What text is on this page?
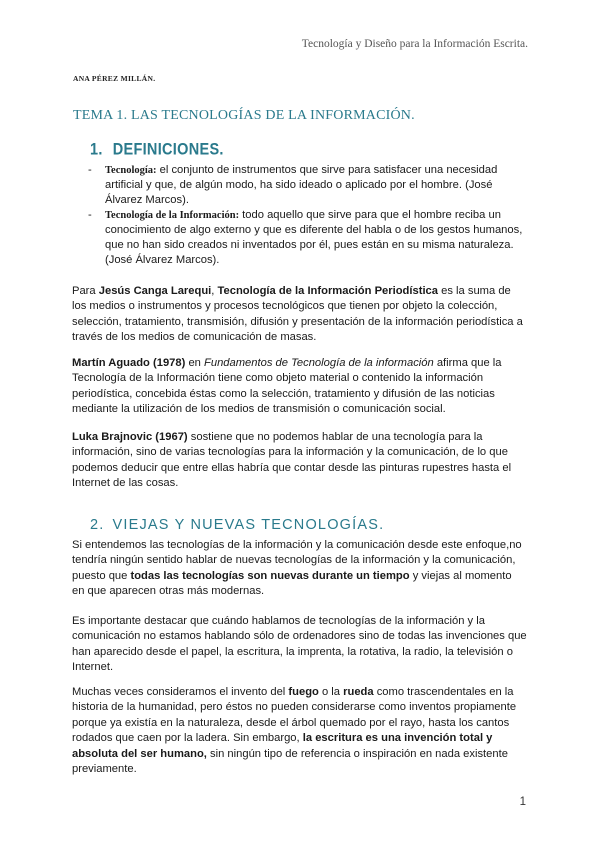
Tecnología y Diseño para la Información Escrita.
ANA PÉREZ MILLÁN.
TEMA 1. LAS TECNOLOGÍAS DE LA INFORMACIÓN.
1. DEFINICIONES.
- Tecnología: el conjunto de instrumentos que sirve para satisfacer una necesidad artificial y que, de algún modo, ha sido ideado o aplicado por el hombre. (José Álvarez Marcos).
- Tecnología de la Información: todo aquello que sirve para que el hombre reciba un conocimiento de algo externo y que es diferente del habla o de los gestos humanos, que no han sido creados ni inventados por él, pues están en su misma naturaleza. (José Álvarez Marcos).
Para Jesús Canga Larequi, Tecnología de la Información Periodística es la suma de los medios o instrumentos y procesos tecnológicos que tienen por objeto la colección, selección, tratamiento, transmisión, difusión y presentación de la información periodística a través de los medios de comunicación de masas.
Martín Aguado (1978) en Fundamentos de Tecnología de la información afirma que la Tecnología de la Información tiene como objeto material o contenido la información periodística, concebida éstas como la selección, tratamiento y difusión de las noticias mediante la utilización de los medios de transmisión o comunicación social.
Luka Brajnovic (1967) sostiene que no podemos hablar de una tecnología para la información, sino de varias tecnologías para la información y la comunicación, de lo que podemos deducir que entre ellas habría que contar desde las pinturas rupestres hasta el Internet de las cosas.
2. VIEJAS Y NUEVAS TECNOLOGÍAS.
Si entendemos las tecnologías de la información y la comunicación desde este enfoque,no tendría ningún sentido hablar de nuevas tecnologías de la información y la comunicación, puesto que todas las tecnologías son nuevas durante un tiempo y viejas al momento en que aparecen otras más modernas.
Es importante destacar que cuándo hablamos de tecnologías de la información y la comunicación no estamos hablando sólo de ordenadores sino de todas las invenciones que han aparecido desde el papel, la escritura, la imprenta, la rotativa, la radio, la televisión o Internet.
Muchas veces consideramos el invento del fuego o la rueda como trascendentales en la historia de la humanidad, pero éstos no pueden considerarse como inventos propiamente porque ya existía en la naturaleza, desde el árbol quemado por el rayo, hasta los cantos rodados que caen por la ladera. Sin embargo, la escritura es una invención total y absoluta del ser humano, sin ningún tipo de referencia o inspiración en nada existente previamente.
1
